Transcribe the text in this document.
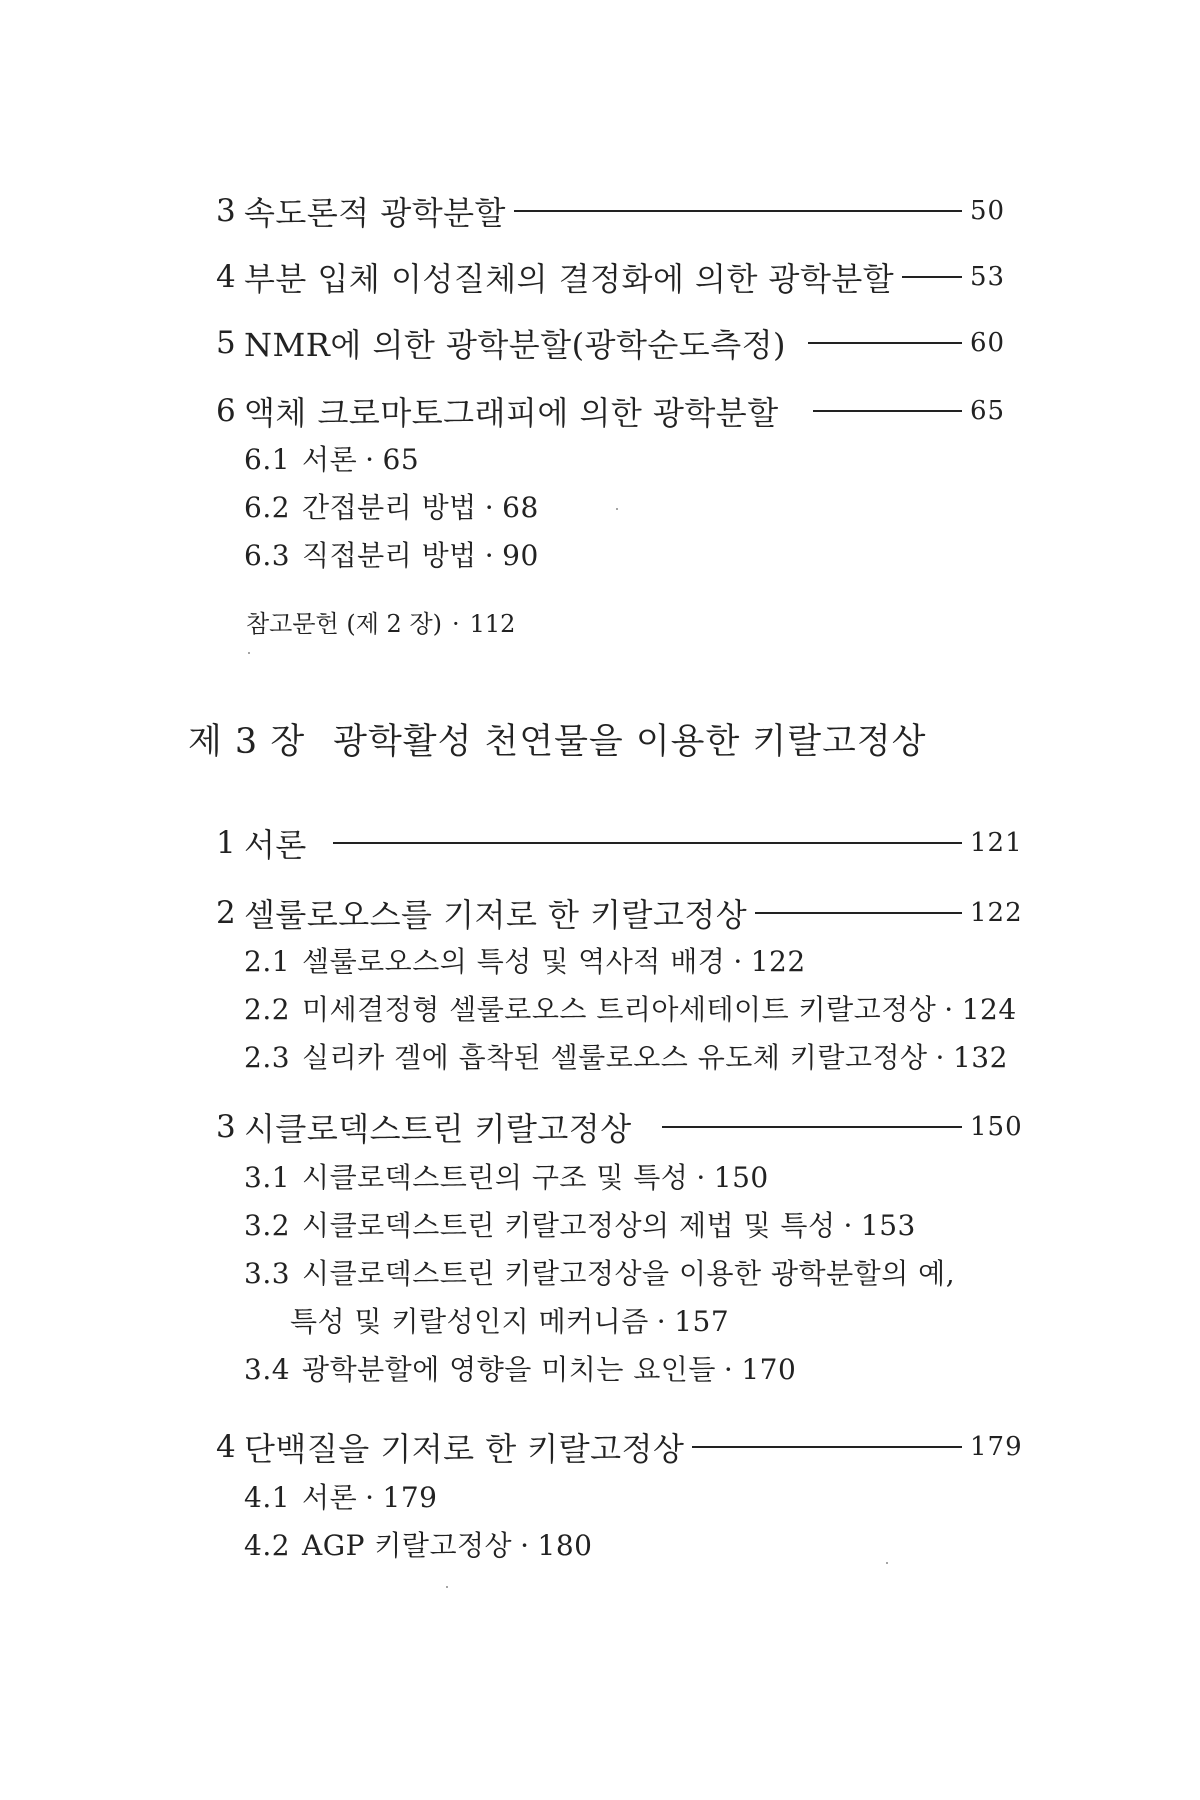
3 속도론적 광학분할	50
4 부분 입체 이성질체의 결정화에 의한 광학분할	53
5 NMR에 의한 광학분할(광학순도측정)	60
6 액체 크로마토그래피에 의한 광학분할	65
6.1 서론 · 65
6.2 간접분리 방법 · 68
6.3 직접분리 방법 · 90
참고문헌 (제 2 장) · 112
제 3 장 광학활성 천연물을 이용한 키랄고정상
1 서론	121
2 셀룰로오스를 기저로 한 키랄고정상	122
2.1 셀룰로오스의 특성 및 역사적 배경 · 122
2.2 미세결정형 셀룰로오스 트리아세테이트 키랄고정상 · 124
2.3 실리카 겔에 흡착된 셀룰로오스 유도체 키랄고정상 · 132
3 시클로덱스트린 키랄고정상	150
3.1 시클로덱스트린의 구조 및 특성 · 150
3.2 시클로덱스트린 키랄고정상의 제법 및 특성 · 153
3.3 시클로덱스트린 키랄고정상을 이용한 광학분할의 예,
특성 및 키랄성인지 메커니즘 · 157
3.4 광학분할에 영향을 미치는 요인들 · 170
4 단백질을 기저로 한 키랄고정상	179
4.1 서론 · 179
4.2 AGP 키랄고정상 · 180
